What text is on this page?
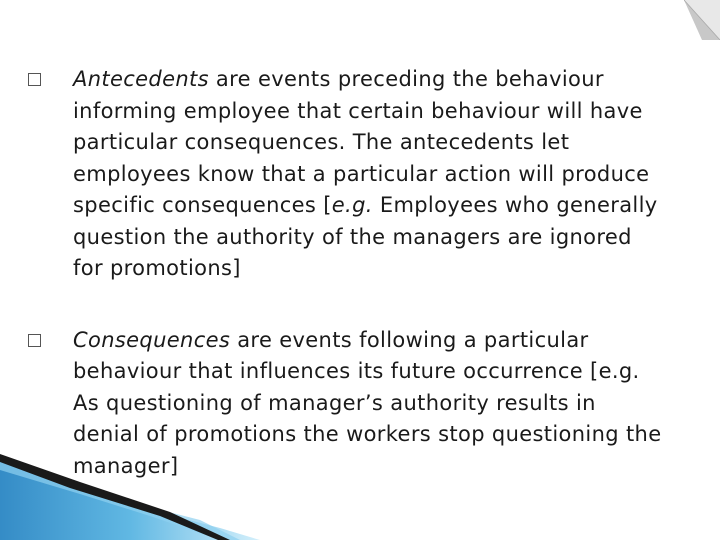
Antecedents are events preceding the behaviour informing employee that certain behaviour will have particular consequences. The antecedents let employees know that a particular action will produce specific consequences [e.g. Employees who generally question the authority of the managers are ignored for promotions]
Consequences are events following a particular behaviour that influences its future occurrence [e.g. As questioning of manager’s authority results in denial of promotions the workers stop questioning the manager]
